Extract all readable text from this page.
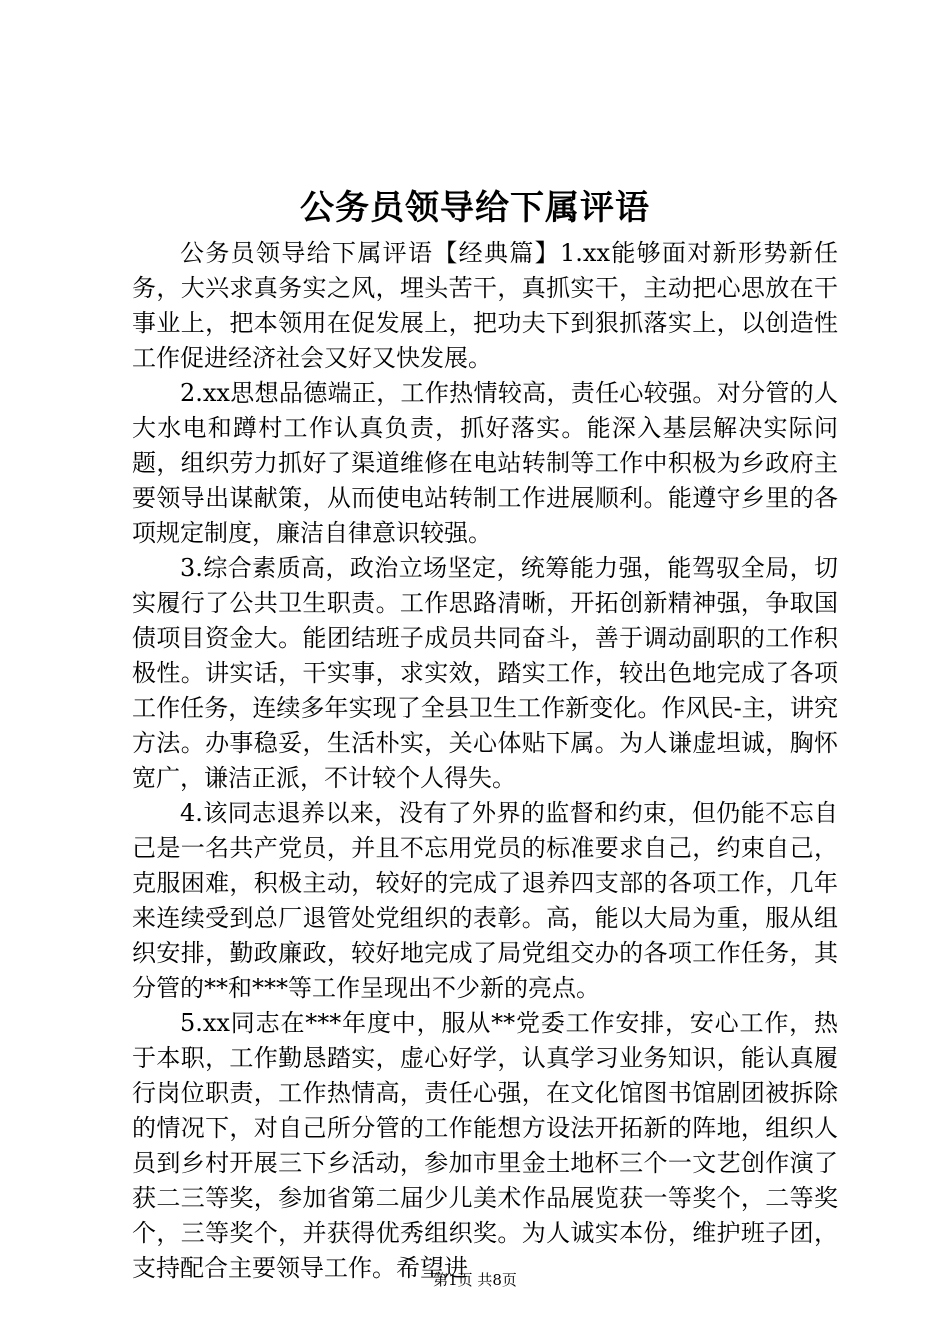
公务员领导给下属评语

公务员领导给下属评语【经典篇】1.xx能够面对新形势新任务，大兴求真务实之风，埋头苦干，真抓实干，主动把心思放在干事业上，把本领用在促发展上，把功夫下到狠抓落实上，以创造性工作促进经济社会又好又快发展。

2.xx思想品德端正，工作热情较高，责任心较强。对分管的人大水电和蹲村工作认真负责，抓好落实。能深入基层解决实际问题，组织劳力抓好了渠道维修在电站转制等工作中积极为乡政府主要领导出谋献策，从而使电站转制工作进展顺利。能遵守乡里的各项规定制度，廉洁自律意识较强。

3.综合素质高，政治立场坚定，统筹能力强，能驾驭全局，切实履行了公共卫生职责。工作思路清晰，开拓创新精神强，争取国债项目资金大。能团结班子成员共同奋斗，善于调动副职的工作积极性。讲实话，干实事，求实效，踏实工作，较出色地完成了各项工作任务，连续多年实现了全县卫生工作新变化。作风民-主，讲究方法。办事稳妥，生活朴实，关心体贴下属。为人谦虚坦诚，胸怀宽广，谦洁正派，不计较个人得失。

4.该同志退养以来，没有了外界的监督和约束，但仍能不忘自己是一名共产党员，并且不忘用党员的标准要求自己，约束自己，克服困难，积极主动，较好的完成了退养四支部的各项工作，几年来连续受到总厂退管处党组织的表彰。高，能以大局为重，服从组织安排，勤政廉政，较好地完成了局党组交办的各项工作任务，其分管的**和***等工作呈现出不少新的亮点。

5.xx同志在***年度中，服从**党委工作安排，安心工作，热于本职，工作勤恳踏实，虚心好学，认真学习业务知识，能认真履行岗位职责，工作热情高，责任心强，在文化馆图书馆剧团被拆除的情况下，对自己所分管的工作能想方设法开拓新的阵地，组织人员到乡村开展三下乡活动，参加市里金土地杯三个一文艺创作演了获二三等奖，参加省第二届少儿美术作品展览获一等奖个，二等奖个，三等奖个，并获得优秀组织奖。为人诚实本份，维护班子团，支持配合主要领导工作。希望进

第1页 共8页
